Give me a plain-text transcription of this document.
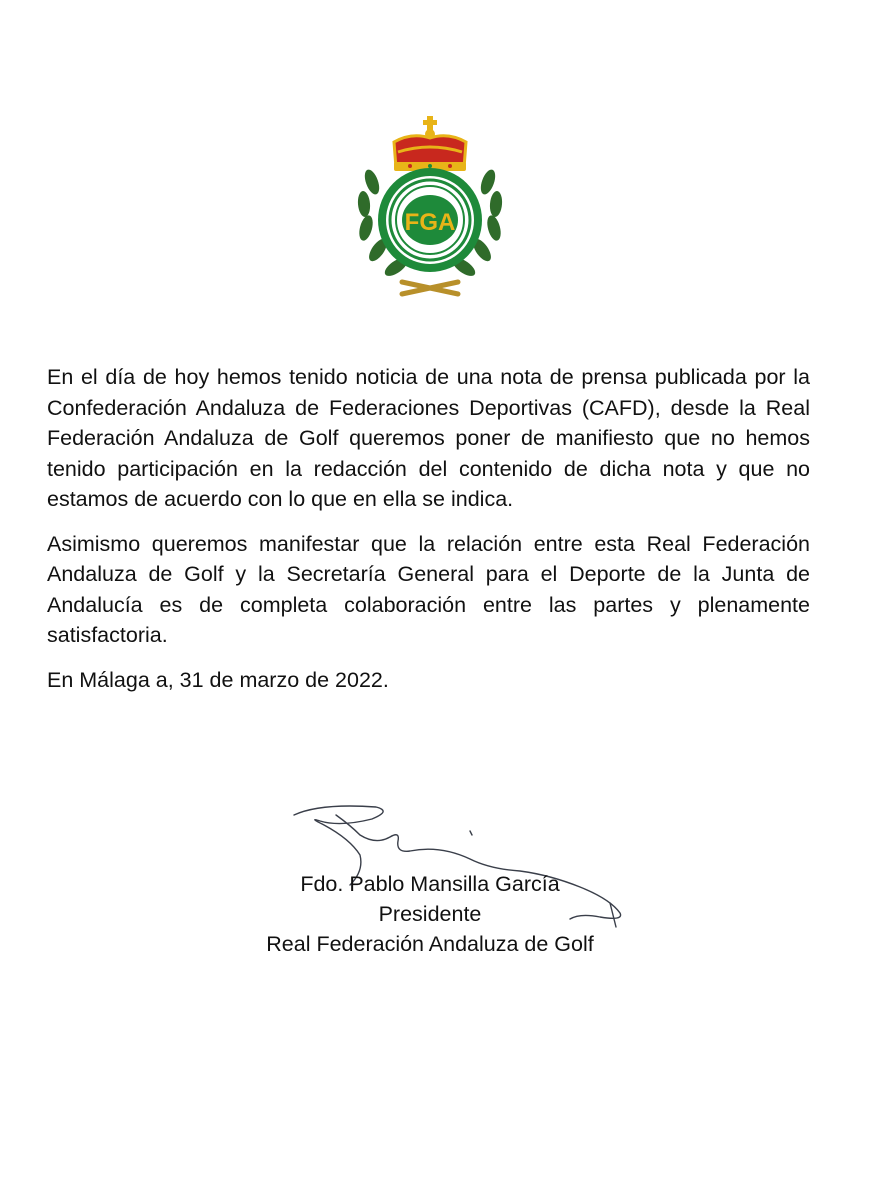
FGA

En el día de hoy hemos tenido noticia de una nota de prensa publicada por la Confederación Andaluza de Federaciones Deportivas (CAFD), desde la Real Federación Andaluza de Golf queremos poner de manifiesto que no hemos tenido participación en la redacción del contenido de dicha nota y que no estamos de acuerdo con lo que en ella se indica.

Asimismo queremos manifestar que la relación entre esta Real Federación Andaluza de Golf y la Secretaría General para el Deporte de la Junta de Andalucía es de completa colaboración entre las partes y plenamente satisfactoria.

En Málaga a, 31 de marzo de 2022.

Fdo. Pablo Mansilla García
Presidente
Real Federación Andaluza de Golf
